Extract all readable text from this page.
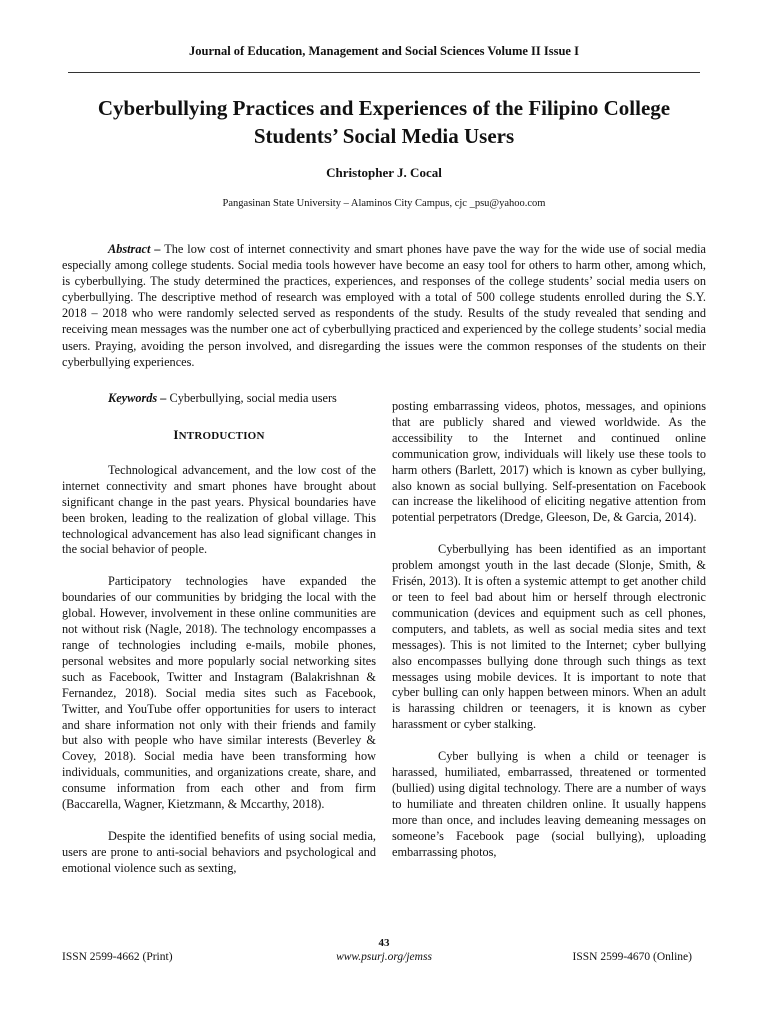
Journal of Education, Management and Social Sciences Volume II Issue I
Cyberbullying Practices and Experiences of the Filipino College Students’ Social Media Users
Christopher J. Cocal
Pangasinan State University – Alaminos City Campus, cjc _psu@yahoo.com
Abstract – The low cost of internet connectivity and smart phones have pave the way for the wide use of social media especially among college students. Social media tools however have become an easy tool for others to harm other, among which, is cyberbullying. The study determined the practices, experiences, and responses of the college students’ social media users on cyberbullying. The descriptive method of research was employed with a total of 500 college students enrolled during the S.Y. 2018 – 2018 who were randomly selected served as respondents of the study. Results of the study revealed that sending and receiving mean messages was the number one act of cyberbullying practiced and experienced by the college students’ social media users. Praying, avoiding the person involved, and disregarding the issues were the common responses of the students on their cyberbullying experiences.
Keywords – Cyberbullying, social media users

INTRODUCTION

Technological advancement, and the low cost of the internet connectivity and smart phones have brought about significant change in the past years. Physical boundaries have been broken, leading to the realization of global village. This technological advancement has also lead significant changes in the social behavior of people.

Participatory technologies have expanded the boundaries of our communities by bridging the local with the global. However, involvement in these online communities are not without risk (Nagle, 2018). The technology encompasses a range of technologies including e-mails, mobile phones, personal websites and more popularly social networking sites such as Facebook, Twitter and Instagram (Balakrishnan & Fernandez, 2018). Social media sites such as Facebook, Twitter, and YouTube offer opportunities for users to interact and share information not only with their friends and family but also with people who have similar interests (Beverley & Covey, 2018). Social media have been transforming how individuals, communities, and organizations create, share, and consume information from each other and from firm (Baccarella, Wagner, Kietzmann, & Mccarthy, 2018).

Despite the identified benefits of using social media, users are prone to anti-social behaviors and psychological and emotional violence such as sexting,

posting embarrassing videos, photos, messages, and opinions that are publicly shared and viewed worldwide. As the accessibility to the Internet and continued online communication grow, individuals will likely use these tools to harm others (Barlett, 2017) which is known as cyber bullying, also known as social bullying. Self-presentation on Facebook can increase the likelihood of eliciting negative attention from potential perpetrators (Dredge, Gleeson, De, & Garcia, 2014).

Cyberbullying has been identified as an important problem amongst youth in the last decade (Slonje, Smith, & Frisén, 2013). It is often a systemic attempt to get another child or teen to feel bad about him or herself through electronic communication (devices and equipment such as cell phones, computers, and tablets, as well as social media sites and text messages). This is not limited to the Internet; cyber bullying also encompasses bullying done through such things as text messages using mobile devices. It is important to note that cyber bulling can only happen between minors. When an adult is harassing children or teenagers, it is known as cyber harassment or cyber stalking.

Cyber bullying is when a child or teenager is harassed, humiliated, embarrassed, threatened or tormented (bullied) using digital technology. There are a number of ways to humiliate and threaten children online. It usually happens more than once, and includes leaving demeaning messages on someone’s Facebook page (social bullying), uploading embarrassing photos,

43
ISSN 2599-4662 (Print)	www.psurj.org/jemss	ISSN 2599-4670 (Online)
